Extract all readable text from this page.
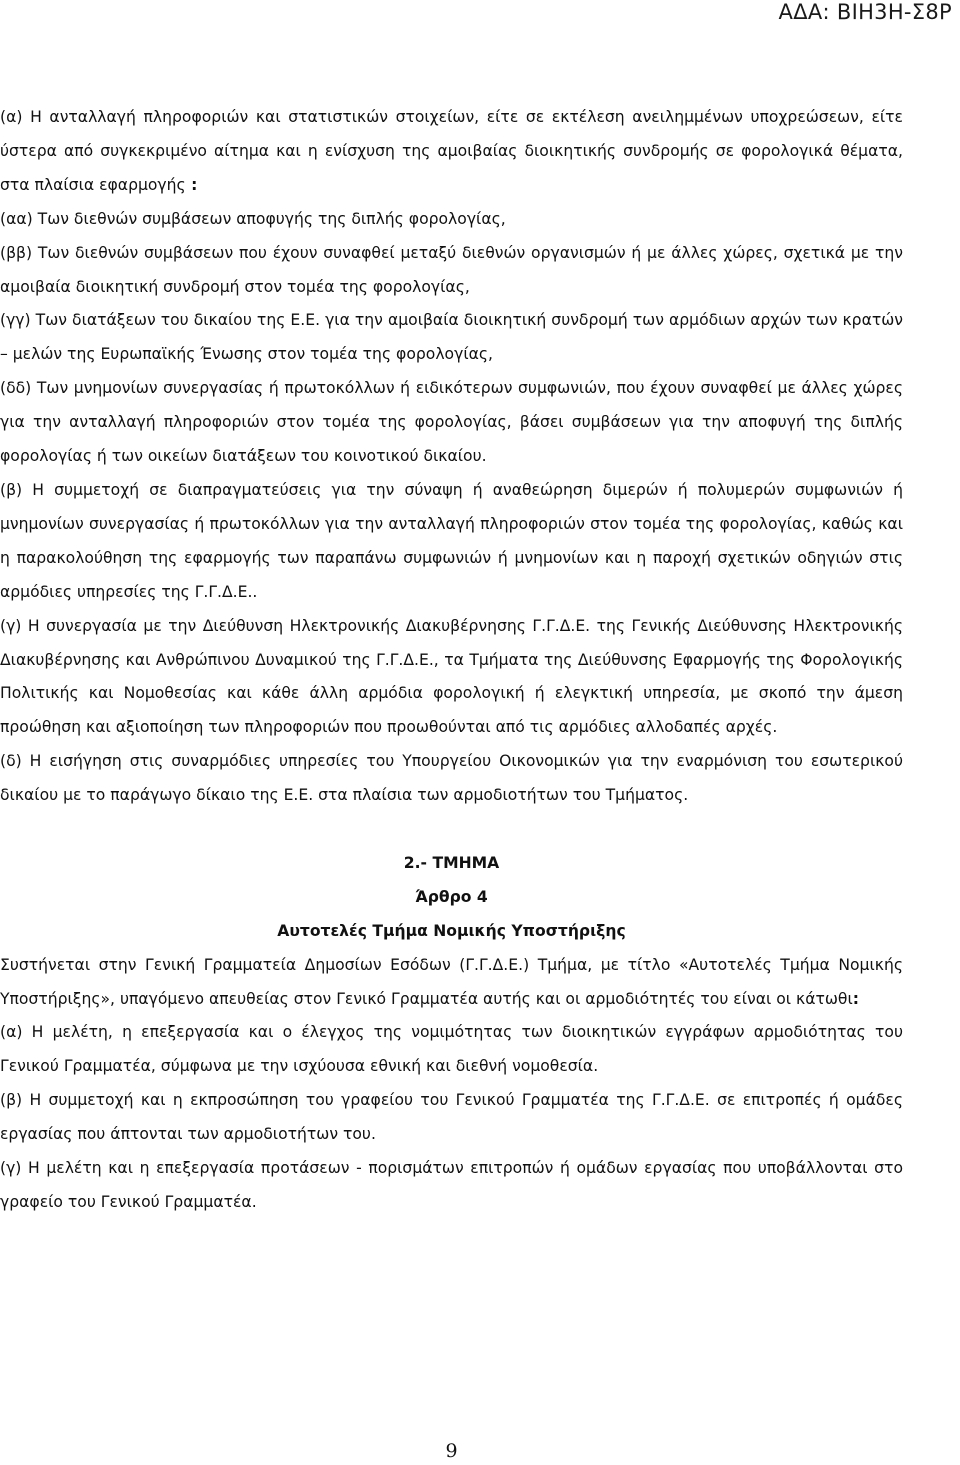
ΑΔΑ: ΒΙΗ3Η-Σ8Ρ

(α) Η ανταλλαγή πληροφοριών και στατιστικών στοιχείων, είτε σε εκτέλεση ανειλημμένων υποχρεώσεων, είτε ύστερα από συγκεκριμένο αίτημα και η ενίσχυση της αμοιβαίας διοικητικής συνδρομής σε φορολογικά θέματα, στα πλαίσια εφαρμογής :

(αα) Των διεθνών συμβάσεων αποφυγής της διπλής φορολογίας,

(ββ) Των διεθνών συμβάσεων που έχουν συναφθεί μεταξύ διεθνών οργανισμών ή με άλλες χώρες, σχετικά με την αμοιβαία διοικητική συνδρομή στον τομέα της φορολογίας,

(γγ) Των διατάξεων του δικαίου της Ε.Ε. για την αμοιβαία διοικητική συνδρομή των αρμόδιων αρχών των κρατών – μελών της Ευρωπαϊκής Ένωσης στον τομέα της φορολογίας,

(δδ) Των μνημονίων συνεργασίας ή πρωτοκόλλων ή ειδικότερων συμφωνιών, που έχουν συναφθεί με άλλες χώρες για την ανταλλαγή πληροφοριών στον τομέα της φορολογίας, βάσει συμβάσεων για την αποφυγή της διπλής φορολογίας ή των οικείων διατάξεων του κοινοτικού δικαίου.

(β) Η συμμετοχή σε διαπραγματεύσεις για την σύναψη ή αναθεώρηση διμερών ή πολυμερών συμφωνιών ή μνημονίων συνεργασίας ή πρωτοκόλλων για την ανταλλαγή πληροφοριών στον τομέα της φορολογίας, καθώς και η παρακολούθηση της εφαρμογής των παραπάνω συμφωνιών ή μνημονίων και η παροχή σχετικών οδηγιών στις αρμόδιες υπηρεσίες της Γ.Γ.Δ.Ε..

(γ) Η συνεργασία με την Διεύθυνση Ηλεκτρονικής Διακυβέρνησης Γ.Γ.Δ.Ε. της Γενικής Διεύθυνσης Ηλεκτρονικής Διακυβέρνησης και Ανθρώπινου Δυναμικού της Γ.Γ.Δ.Ε., τα Τμήματα της Διεύθυνσης Εφαρμογής της Φορολογικής Πολιτικής και Νομοθεσίας και κάθε άλλη αρμόδια φορολογική ή ελεγκτική υπηρεσία, με σκοπό την άμεση προώθηση και αξιοποίηση των πληροφοριών που προωθούνται από τις αρμόδιες αλλοδαπές αρχές.

(δ) Η εισήγηση στις συναρμόδιες υπηρεσίες του Υπουργείου Οικονομικών για την εναρμόνιση του εσωτερικού δικαίου με το παράγωγο δίκαιο της Ε.Ε. στα πλαίσια των αρμοδιοτήτων του Τμήματος.

2.- ΤΜΗΜΑ

Άρθρο 4

Αυτοτελές Τμήμα Νομικής Υποστήριξης

Συστήνεται στην Γενική Γραμματεία Δημοσίων Εσόδων (Γ.Γ.Δ.Ε.) Τμήμα, με τίτλο «Αυτοτελές Τμήμα Νομικής Υποστήριξης», υπαγόμενο απευθείας στον Γενικό Γραμματέα αυτής και οι αρμοδιότητές του είναι οι κάτωθι:

(α) Η μελέτη, η επεξεργασία και ο έλεγχος της νομιμότητας των διοικητικών εγγράφων αρμοδιότητας του Γενικού Γραμματέα, σύμφωνα με την ισχύουσα εθνική και διεθνή νομοθεσία.

(β) Η συμμετοχή και η εκπροσώπηση του γραφείου του Γενικού Γραμματέα της Γ.Γ.Δ.Ε. σε επιτροπές ή ομάδες εργασίας που άπτονται των αρμοδιοτήτων του.

(γ) Η μελέτη και η επεξεργασία προτάσεων - πορισμάτων επιτροπών ή ομάδων εργασίας που υποβάλλονται στο γραφείο του Γενικού Γραμματέα.

9
